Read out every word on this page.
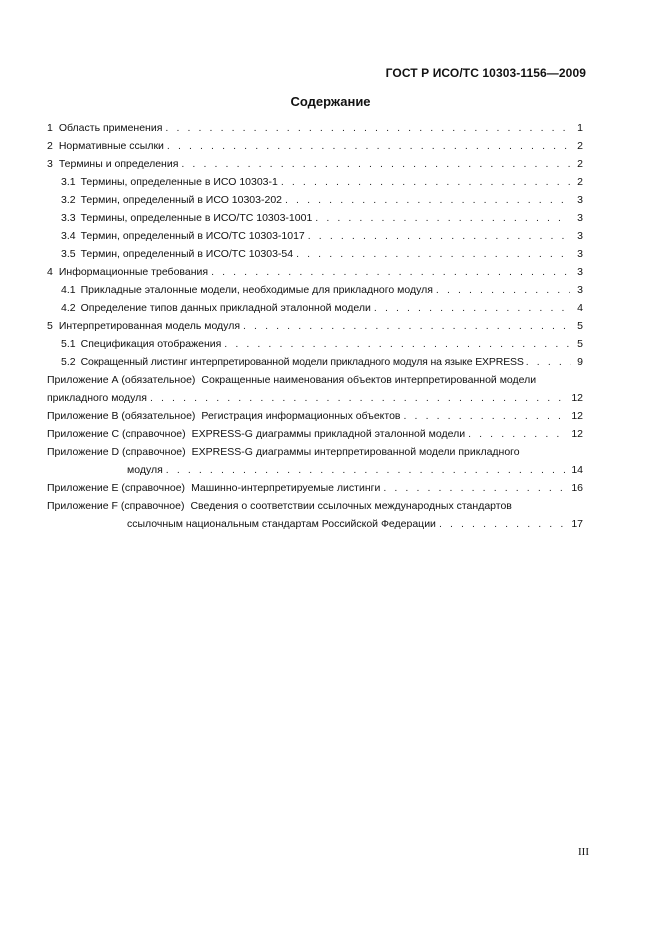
ГОСТ Р ИСО/ТС 10303-1156—2009
Содержание
1 Область применения . . .	1
2 Нормативные ссылки . . .	2
3 Термины и определения . . .	2
3.1 Термины, определенные в ИСО 10303-1 . . .	2
3.2 Термин, определенный в ИСО 10303-202 . . .	3
3.3 Термины, определенные в ИСО/ТС 10303-1001 . . .	3
3.4 Термин, определенный в ИСО/ТС 10303-1017 . . .	3
3.5 Термин, определенный в ИСО/ТС 10303-54 . . .	3
4 Информационные требования . . .	3
4.1 Прикладные эталонные модели, необходимые для прикладного модуля . . .	3
4.2 Определение типов данных прикладной эталонной модели . . .	4
5 Интерпретированная модель модуля . . .	5
5.1 Спецификация отображения . . .	5
5.2 Сокращенный листинг интерпретированной модели прикладного модуля на языке EXPRESS . . .	9
Приложение А (обязательное) Сокращенные наименования объектов интерпретированной модели
прикладного модуля . . .	12
Приложение В (обязательное) Регистрация информационных объектов . . .	12
Приложение С (справочное) EXPRESS-G диаграммы прикладной эталонной модели . . .	12
Приложение D (справочное) EXPRESS-G диаграммы интерпретированной модели прикладного
модуля . . .	14
Приложение Е (справочное) Машинно-интерпретируемые листинги . . .	16
Приложение F (справочное) Сведения о соответствии ссылочных международных стандартов
ссылочным национальным стандартам Российской Федерации . . .	17
III
